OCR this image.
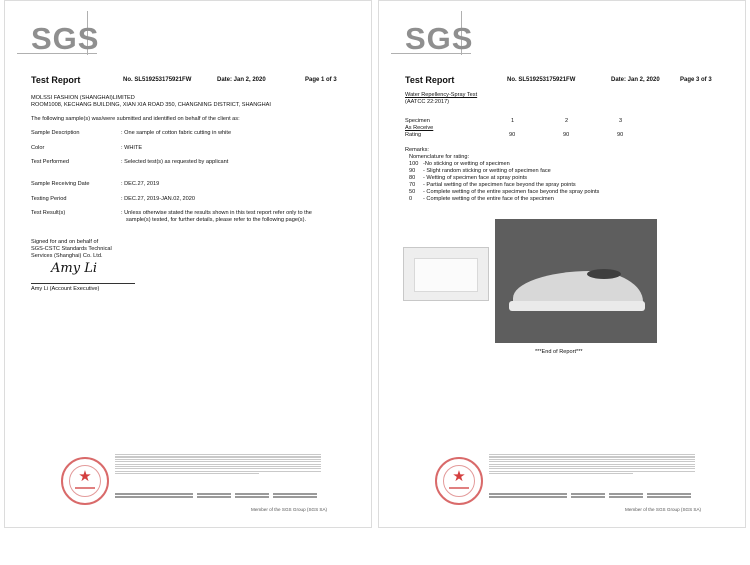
SGS
Test Report	No. SL519253175921FW	Date: Jan 2, 2020	Page 1 of 3
MOLSSI FASHION (SHANGHAI)LIMITED
ROOM1008, KECHANG BUILDING, XIAN XIA ROAD 350, CHANGNING DISTRICT, SHANGHAI
The following sample(s) was/were submitted and identified on behalf of the client as:
Sample Description	: One sample of cotton fabric cutting in white
Color	: WHITE
Test Performed	: Selected test(s) as requested by applicant
Sample Receiving Date	: DEC.27, 2019
Testing Period	: DEC.27, 2019-JAN.02, 2020
Test Result(s)	: Unless otherwise stated the results shown in this test report refer only to the
sample(s) tested, for further details, please refer to the following page(s).
Signed for and on behalf of
SGS-CSTC Standards Technical
Services (Shanghai) Co. Ltd.
Amy Li
Amy Li (Account Executive)
★
Member of the SGS Group (SGS SA)
SGS
Test Report	No. SL519253175921FW	Date: Jan 2, 2020	Page 3 of 3
Water Repellency-Spray Test
(AATCC 22:2017)
Specimen	1	2	3
As Receive
Rating	90	90	90
Remarks:
Nomenclature for rating:
100 -No sticking or wetting of specimen
90 - Slight random sticking or wetting of specimen face
80 - Wetting of specimen face at spray points
70 - Partial wetting of the specimen face beyond the spray points
50 - Complete wetting of the entire specimen face beyond the spray points
0 - Complete wetting of the entire face of the specimen
***End of Report***
★
Member of the SGS Group (SGS SA)
